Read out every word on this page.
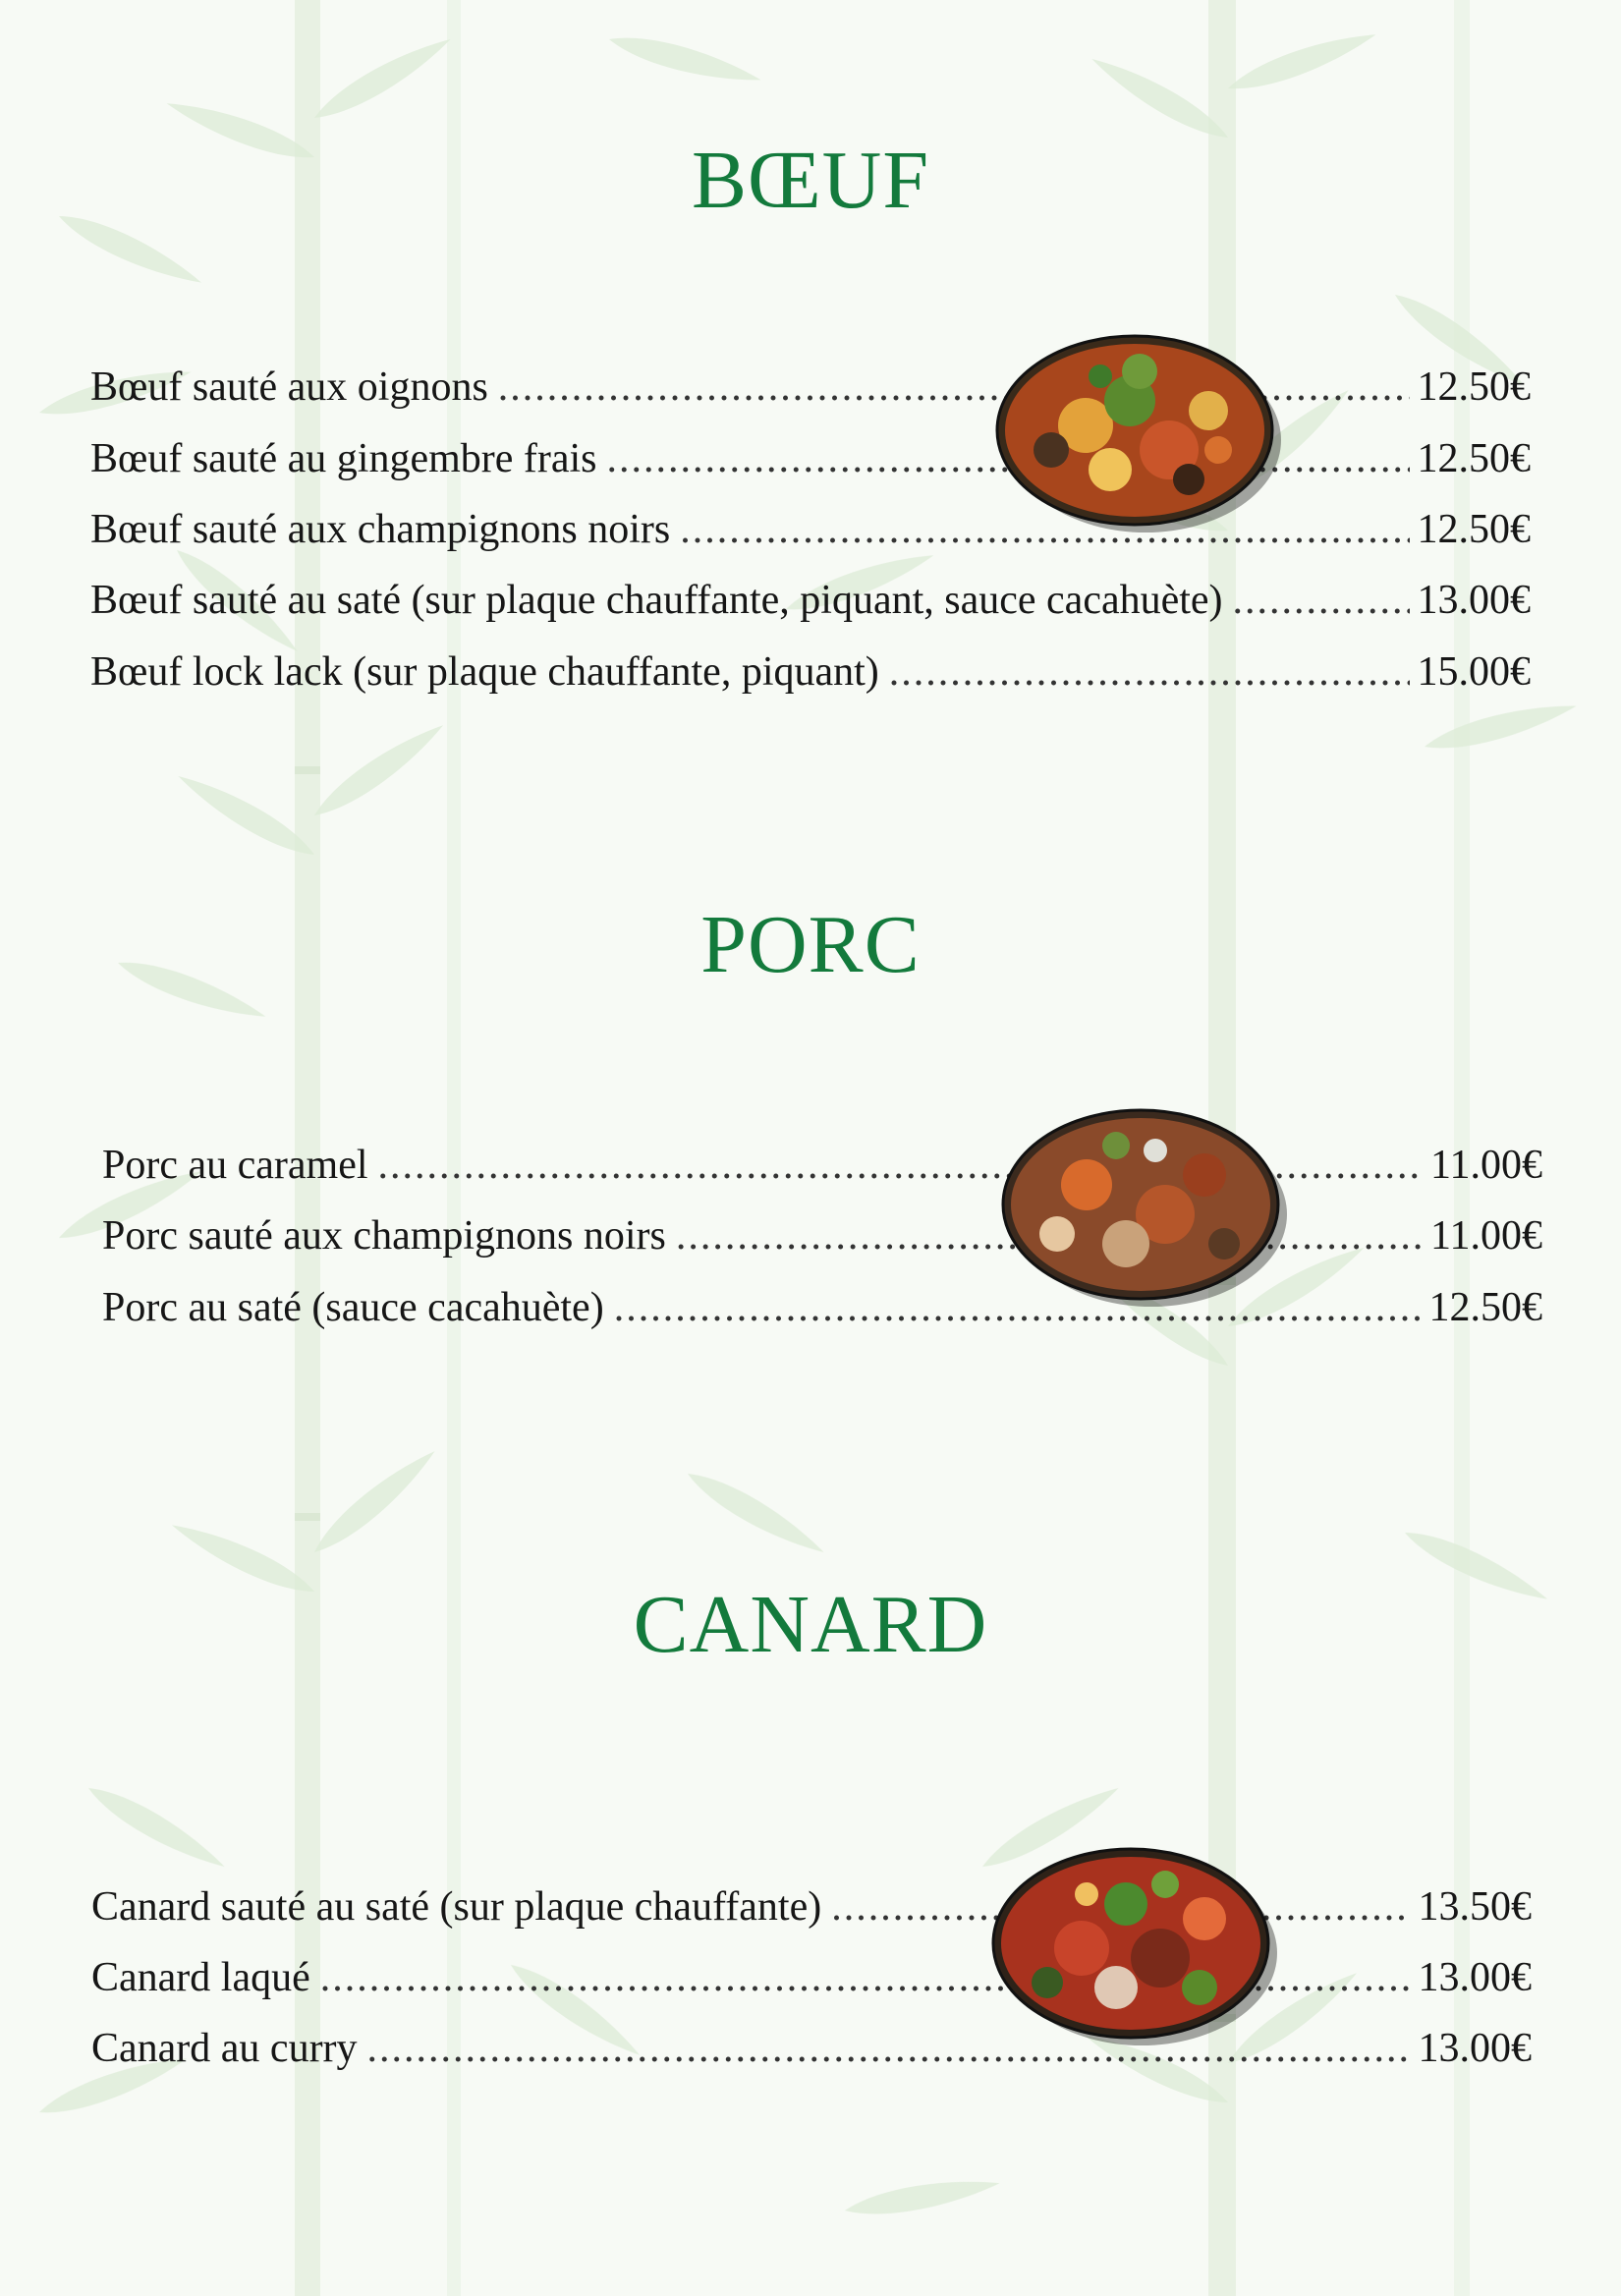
BŒUF
Bœuf sauté aux oignons .....	12.50€
Bœuf sauté au gingembre frais .....	12.50€
Bœuf sauté aux champignons noirs .....	12.50€
Bœuf sauté au saté (sur plaque chauffante, piquant, sauce cacahuète) .....	13.00€
Bœuf lock lack (sur plaque chauffante, piquant) .....	15.00€
PORC
Porc au caramel .....	11.00€
Porc sauté aux champignons noirs .....	11.00€
Porc au saté (sauce cacahuète) .....	12.50€
CANARD
Canard sauté au saté (sur plaque chauffante) .....	13.50€
Canard laqué .....	13.00€
Canard au curry .....	13.00€
